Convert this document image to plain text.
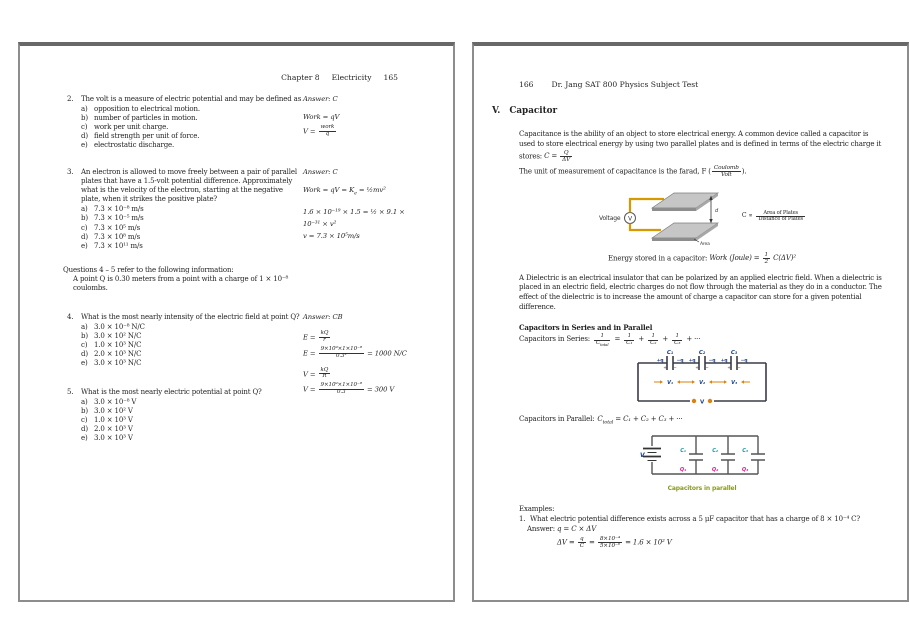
Chapter 8 Electricity 165
2.	The volt is a measure of electric potential and may be defined as
a) opposition to electrical motion.
b) number of particles in motion.
c) work per unit charge.
d) field strength per unit of force.
e) electrostatic discharge.
Answer: C
Work = qV
$V = \frac{\text{work}}{q}$
3.	An electron is allowed to move freely between a pair of parallel plates that have a 1.5-volt potential difference. Approximately what is the velocity of the electron, starting at the negative plate, when it strikes the positive plate?
a) 7.3 × 10⁻⁸ m/s
b) 7.3 × 10⁻⁵ m/s
c) 7.3 × 10⁵ m/s
d) 7.3 × 10⁸ m/s
e) 7.3 × 10¹¹ m/s
Answer: C
Work = qV = $K_e$ = ½mv²
1.6 × 10⁻¹⁹ × 1.5 = ½ × 9.1 ×
10⁻³¹ × v²
v = 7.3 × 10⁵m/s
Questions 4 – 5 refer to the following information:
A point Q is 0.30 meters from a point with a charge of 1 × 10⁻⁸ coulombs.
4.	What is the most nearly intensity of the electric field at point Q?
a) 3.0 × 10⁻⁸ N/C
b) 3.0 × 10² N/C
c) 1.0 × 10³ N/C
d) 2.0 × 10³ N/C
e) 3.0 × 10³ N/C
Answer: CB
$E = \frac{kQ}{r}$
$E = \frac{\text{9×10⁹×1×10⁻⁸}}{\text{0.3²}} = 1000$ N/C
$V = \frac{kQ}{R}$
$V = \frac{\text{9×10⁹×1×10⁻⁸}}{0.3} = 300$ V
5.	What is the most nearly electric potential at point Q?
a) 3.0 × 10⁻⁸ V
b) 3.0 × 10² V
c) 1.0 × 10³ V
d) 2.0 × 10³ V
e) 3.0 × 10³ V
166 Dr. Jang SAT 800 Physics Subject Test
V. Capacitor

Capacitance is the ability of an object to store electrical energy. A common device called a capacitor is used to store electrical energy by using two parallel plates and is defined in terms of the electric charge it stores: $C = \frac{Q}{\Delta V}$

The unit of measurement of capacitance is the farad, F ( $\frac{\text{Coulomb}}{\text{Volt}}$ ).

Voltage V
d
Area
$C \propto \frac{\text{Area of Plates}}{\text{Distance of Plates}}$
Energy stored in a capacitor: Work (Joule) = $\frac{1}{2} C(\Delta V)^2$

A Dielectric is an electrical insulator that can be polarized by an applied electric field. When a dielectric is placed in an electric field, electric charges do not flow through the material as they do in a conductor. The effect of the dielectric is to increase the amount of charge a capacitor can store for a given potential difference.

Capacitors in Series and in Parallel
Capacitors in Series: $\frac{1}{C_{total}} = \frac{1}{\text{C₁}} + \frac{1}{\text{C₂}} + \frac{1}{\text{C₃}}$ + ···
C₁	C₂	C₃
+q	−q +q	−q +q	−q
+ −	+ −	+ −
V₁	V₂	V₃
V
Capacitors in Parallel: $C_{total} = C_1 + C_2 + C_3$ + ···
V
C₁	C₂	C₃
Q₁	Q₂	Q₃
Capacitors in parallel
Examples:
1. What electric potential difference exists across a 5 μF capacitor that has a charge of 8 × 10⁻⁴ C?
Answer: q = C × ΔV
$\Delta V = \frac{q}{C} = \frac{\text{8×10⁻⁴}}{\text{5×10⁻⁶}} = 1.6 \times 10^2$ V
